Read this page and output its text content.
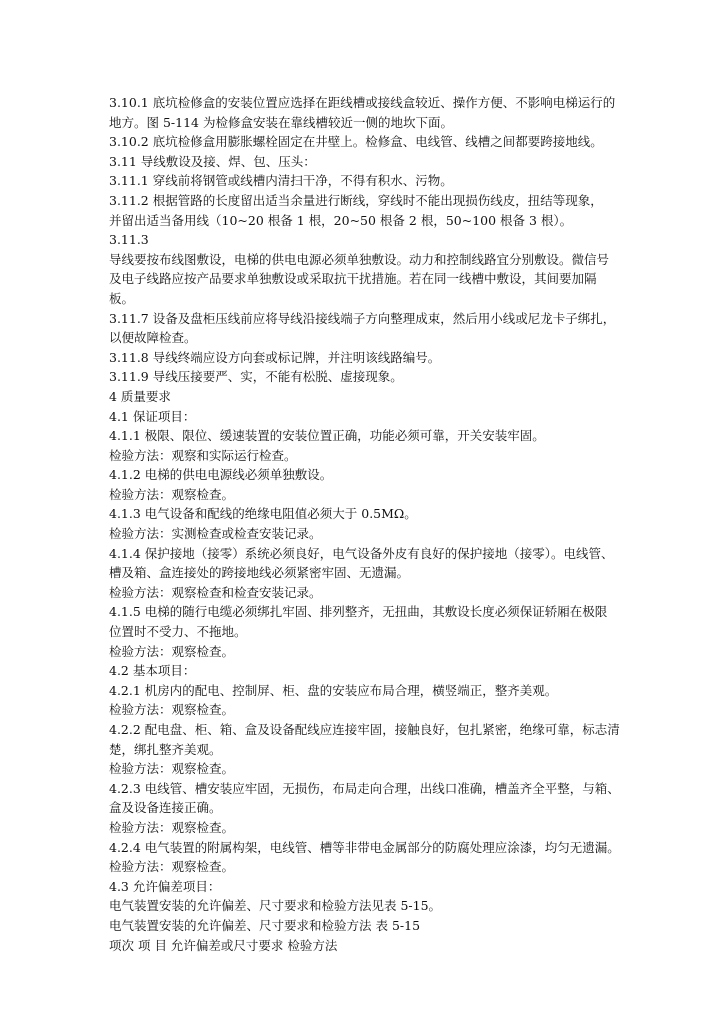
3.10.1 底坑检修盒的安装位置应选择在距线槽或接线盒较近、操作方便、不影响电梯运行的
地方。图 5-114 为检修盒安装在靠线槽较近一侧的地坎下面。
3.10.2 底坑检修盒用膨胀螺栓固定在井壁上。检修盒、电线管、线槽之间都要跨接地线。
3.11 导线敷设及接、焊、包、压头：
3.11.1 穿线前将钢管或线槽内清扫干净，不得有积水、污物。
3.11.2 根据管路的长度留出适当余量进行断线，穿线时不能出现损伤线皮，扭结等现象，
并留出适当备用线（10~20 根备 1 根，20~50 根备 2 根，50~100 根备 3 根）。
3.11.3
导线要按布线图敷设，电梯的供电电源必须单独敷设。动力和控制线路宜分别敷设。微信号
及电子线路应按产品要求单独敷设或采取抗干扰措施。若在同一线槽中敷设，其间要加隔
板。
3.11.7 设备及盘柜压线前应将导线沿接线端子方向整理成束，然后用小线或尼龙卡子绑扎，
以便故障检查。
3.11.8 导线终端应设方向套或标记牌，并注明该线路编号。
3.11.9 导线压接要严、实，不能有松脱、虚接现象。
4 质量要求
4.1 保证项目：
4.1.1 极限、限位、缓速装置的安装位置正确，功能必须可靠，开关安装牢固。
检验方法：观察和实际运行检查。
4.1.2 电梯的供电电源线必须单独敷设。
检验方法：观察检查。
4.1.3 电气设备和配线的绝缘电阻值必须大于 0.5MΩ。
检验方法：实测检查或检查安装记录。
4.1.4 保护接地（接零）系统必须良好，电气设备外皮有良好的保护接地（接零）。电线管、
槽及箱、盒连接处的跨接地线必须紧密牢固、无遗漏。
检验方法：观察检查和检查安装记录。
4.1.5 电梯的随行电缆必须绑扎牢固、排列整齐，无扭曲，其敷设长度必须保证轿厢在极限
位置时不受力、不拖地。
检验方法：观察检查。
4.2 基本项目：
4.2.1 机房内的配电、控制屏、柜、盘的安装应布局合理，横竖端正，整齐美观。
检验方法：观察检查。
4.2.2 配电盘、柜、箱、盒及设备配线应连接牢固，接触良好，包扎紧密，绝缘可靠，标志清
楚，绑扎整齐美观。
检验方法：观察检查。
4.2.3 电线管、槽安装应牢固，无损伤，布局走向合理，出线口准确，槽盖齐全平整，与箱、
盒及设备连接正确。
检验方法：观察检查。
4.2.4 电气装置的附属构架，电线管、槽等非带电金属部分的防腐处理应涂漆，均匀无遗漏。
检验方法：观察检查。
4.3 允许偏差项目：
电气装置安装的允许偏差、尺寸要求和检验方法见表 5-15。
电气装置安装的允许偏差、尺寸要求和检验方法 表 5-15
项次 项 目 允许偏差或尺寸要求 检验方法
